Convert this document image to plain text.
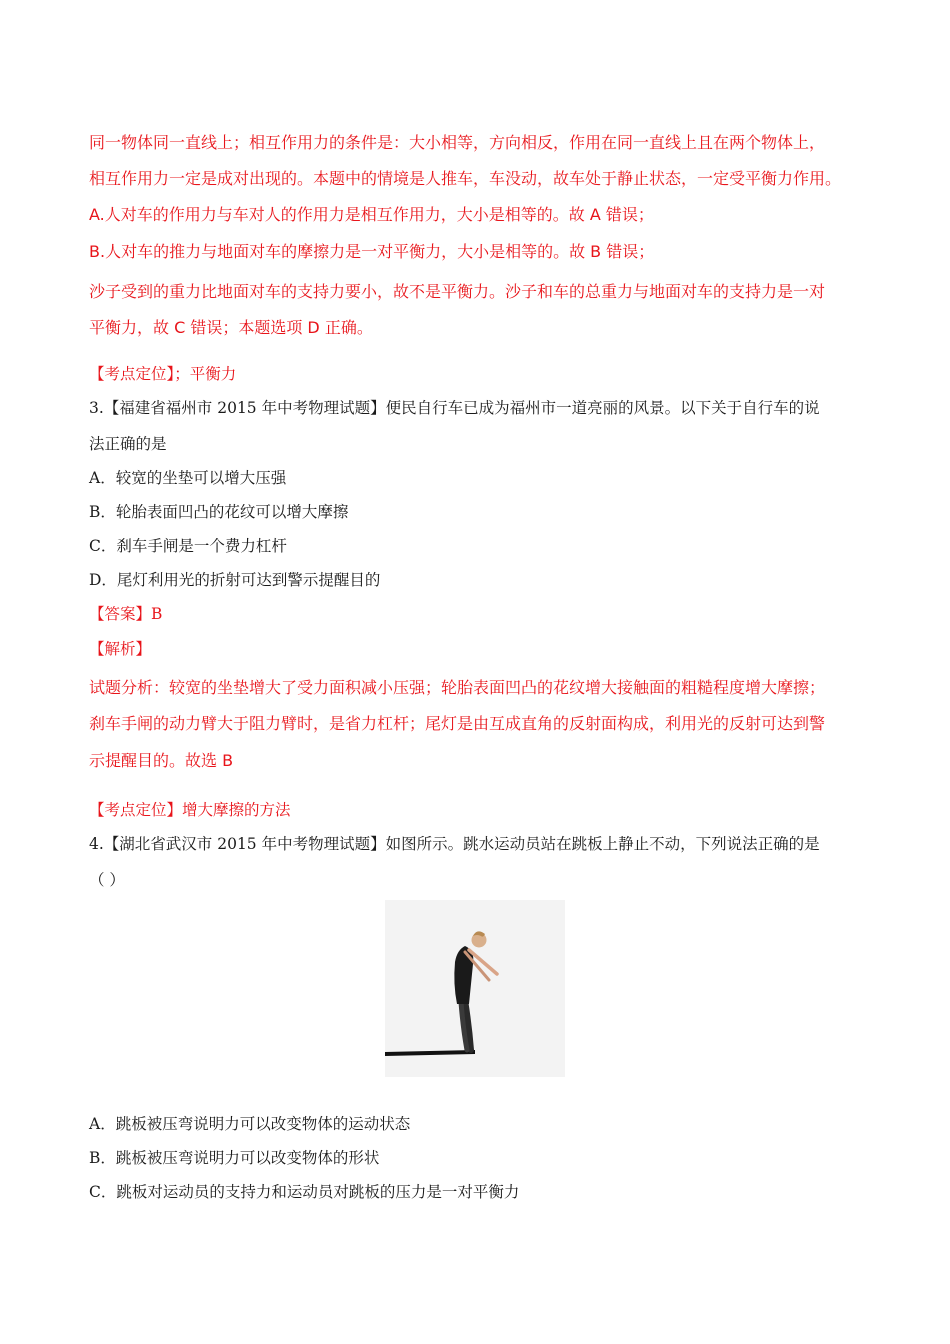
同一物体同一直线上；相互作用力的条件是：大小相等，方向相反，作用在同一直线上且在两个物体上，
相互作用力一定是成对出现的。本题中的情境是人推车，车没动，故车处于静止状态，一定受平衡力作用。
A.人对车的作用力与车对人的作用力是相互作用力，大小是相等的。故 A 错误；
B.人对车的推力与地面对车的摩擦力是一对平衡力，大小是相等的。故 B 错误；
沙子受到的重力比地面对车的支持力要小，故不是平衡力。沙子和车的总重力与地面对车的支持力是一对
平衡力，故 C 错误；本题选项 D 正确。
【考点定位】；平衡力
3.【福建省福州市 2015 年中考物理试题】便民自行车已成为福州市一道亮丽的风景。以下关于自行车的说
法正确的是
A．较宽的坐垫可以增大压强
B．轮胎表面凹凸的花纹可以增大摩擦
C．刹车手闸是一个费力杠杆
D．尾灯利用光的折射可达到警示提醒目的
【答案】B
【解析】
试题分析：较宽的坐垫增大了受力面积减小压强；轮胎表面凹凸的花纹增大接触面的粗糙程度增大摩擦；
刹车手闸的动力臂大于阻力臂时，是省力杠杆；尾灯是由互成直角的反射面构成，利用光的反射可达到警
示提醒目的。故选 B
【考点定位】增大摩擦的方法
4.【湖北省武汉市 2015 年中考物理试题】如图所示。跳水运动员站在跳板上静止不动，下列说法正确的是
（ ）
A．跳板被压弯说明力可以改变物体的运动状态
B．跳板被压弯说明力可以改变物体的形状
C．跳板对运动员的支持力和运动员对跳板的压力是一对平衡力
